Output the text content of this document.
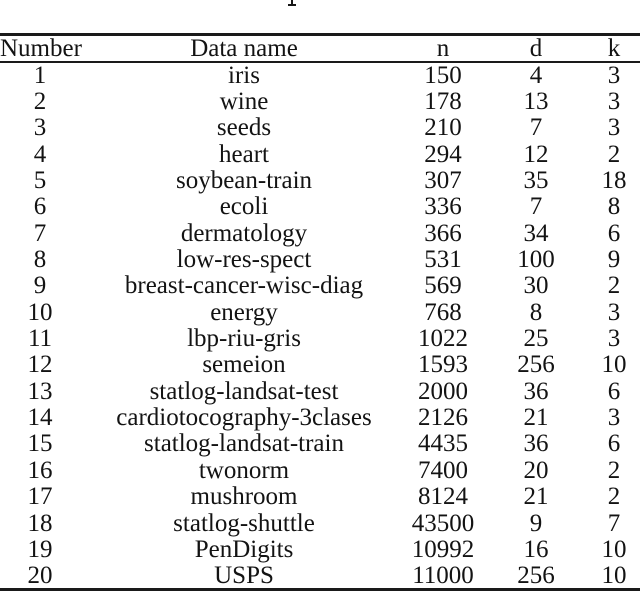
Number	Data name	n	d	k
1	iris	150	4	3
2	wine	178	13	3
3	seeds	210	7	3
4	heart	294	12	2
5	soybean-train	307	35	18
6	ecoli	336	7	8
7	dermatology	366	34	6
8	low-res-spect	531	100	9
9	breast-cancer-wisc-diag	569	30	2
10	energy	768	8	3
11	lbp-riu-gris	1022	25	3
12	semeion	1593	256	10
13	statlog-landsat-test	2000	36	6
14	cardiotocography-3clases	2126	21	3
15	statlog-landsat-train	4435	36	6
16	twonorm	7400	20	2
17	mushroom	8124	21	2
18	statlog-shuttle	43500	9	7
19	PenDigits	10992	16	10
20	USPS	11000	256	10
